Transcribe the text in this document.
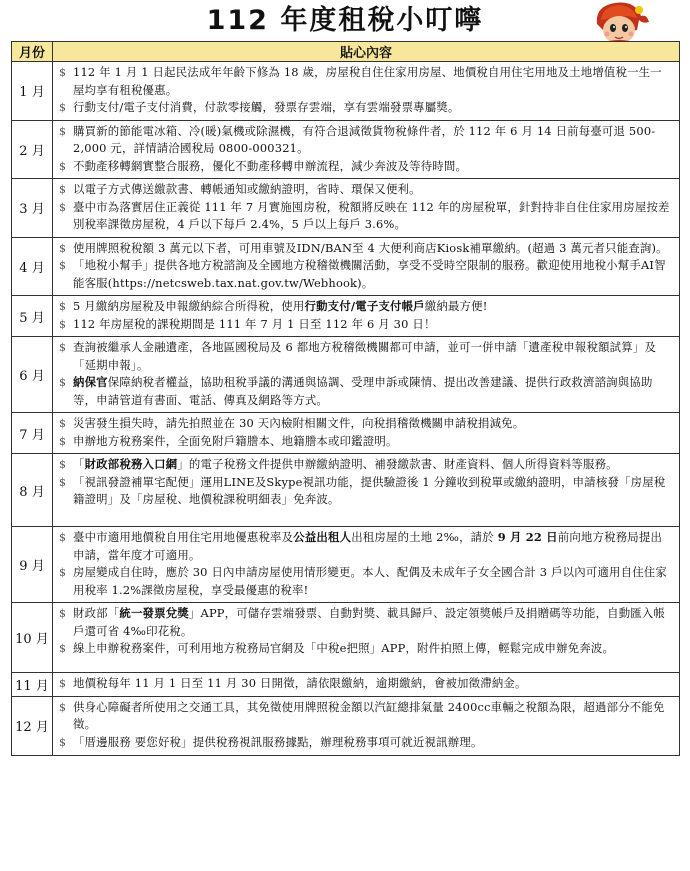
112 年度租稅小叮嚀
月份	貼心內容
1 月	$ 112 年 1 月 1 日起民法成年年齡下修為 18 歲，房屋稅自住住家用房屋、地價稅自用住宅用地及土地增值稅一生一屋均享有租稅優惠。
$ 行動支付/電子支付消費，付款零接觸，發票存雲端，享有雲端發票專屬獎。

2 月	$ 購買新的節能電冰箱、冷(暖)氣機或除濕機，有符合退減徵貨物稅條件者，於 112 年 6 月 14 日前每臺可退 500-2,000 元，詳情請洽國稅局 0800-000321。
$ 不動產移轉網實整合服務，優化不動產移轉申辦流程，減少奔波及等待時間。

3 月	$ 以電子方式傳送繳款書、轉帳通知或繳納證明，省時、環保又便利。
$ 臺中市為落實居住正義從 111 年 7 月實施囤房稅，稅額將反映在 112 年的房屋稅單，針對持非自住住家用房屋按差別稅率課徵房屋稅，4 戶以下每戶 2.4%，5 戶以上每戶 3.6%。

4 月	$ 使用牌照稅稅額 3 萬元以下者，可用車號及IDN/BAN至 4 大便利商店Kiosk補單繳納。(超過 3 萬元者只能查詢)。
$ 「地稅小幫手」提供各地方稅諮詢及全國地方稅稽徵機關活動，享受不受時空限制的服務。歡迎使用地稅小幫手AI智能客服(https://netcsweb.tax.nat.gov.tw/Webhook)。

5 月	$ 5 月繳納房屋稅及申報繳納綜合所得稅，使用行動支付/電子支付帳戶繳納最方便!
$ 112 年房屋稅的課稅期間是 111 年 7 月 1 日至 112 年 6 月 30 日！

6 月	$ 查詢被繼承人金融遺產，各地區國稅局及 6 都地方稅稽徵機關都可申請，並可一併申請「遺產稅申報稅額試算」及「延期申報」。
$ 納保官保障納稅者權益，協助租稅爭議的溝通與協調、受理申訴或陳情、提出改善建議、提供行政救濟諮詢與協助等，申請管道有書面、電話、傳真及網路等方式。

7 月	$ 災害發生損失時，請先拍照並在 30 天內檢附相關文件，向稅捐稽徵機關申請稅捐減免。
$ 申辦地方稅務案件，全面免附戶籍謄本、地籍謄本或印鑑證明。

8 月	$ 「財政部稅務入口網」的電子稅務文件提供申辦繳納證明、補發繳款書、財產資料、個人所得資料等服務。
$ 「視訊發證補單宅配便」運用LINE及Skype視訊功能，提供驗證後 1 分鐘收到稅單或繳納證明，申請核發「房屋稅籍證明」及「房屋稅、地價稅課稅明細表」免奔波。

9 月	$ 臺中市適用地價稅自用住宅用地優惠稅率及公益出租人出租房屋的土地 2‰，請於 9 月 22 日前向地方稅務局提出申請，當年度才可適用。
$ 房屋變成自住時，應於 30 日內申請房屋使用情形變更。本人、配偶及未成年子女全國合計 3 戶以內可適用自住住家用稅率 1.2%課徵房屋稅，享受最優惠的稅率!

10 月	$ 財政部「統一發票兌獎」APP，可儲存雲端發票、自動對獎、載具歸戶、設定領獎帳戶及捐贈碼等功能，自動匯入帳戶還可省 4‰印花稅。
$ 線上申辦稅務案件，可利用地方稅務局官網及「中稅e把照」APP，附件拍照上傳，輕鬆完成申辦免奔波。

11 月	$ 地價稅每年 11 月 1 日至 11 月 30 日開徵，請依限繳納，逾期繳納，會被加徵滯納金。

12 月	$ 供身心障礙者所使用之交通工具，其免徵使用牌照稅金額以汽缸總排氣量 2400cc車輛之稅額為限，超過部分不能免徵。
$ 「厝邊服務 要您好稅」提供稅務視訊服務據點，辦理稅務事項可就近視訊辦理。
